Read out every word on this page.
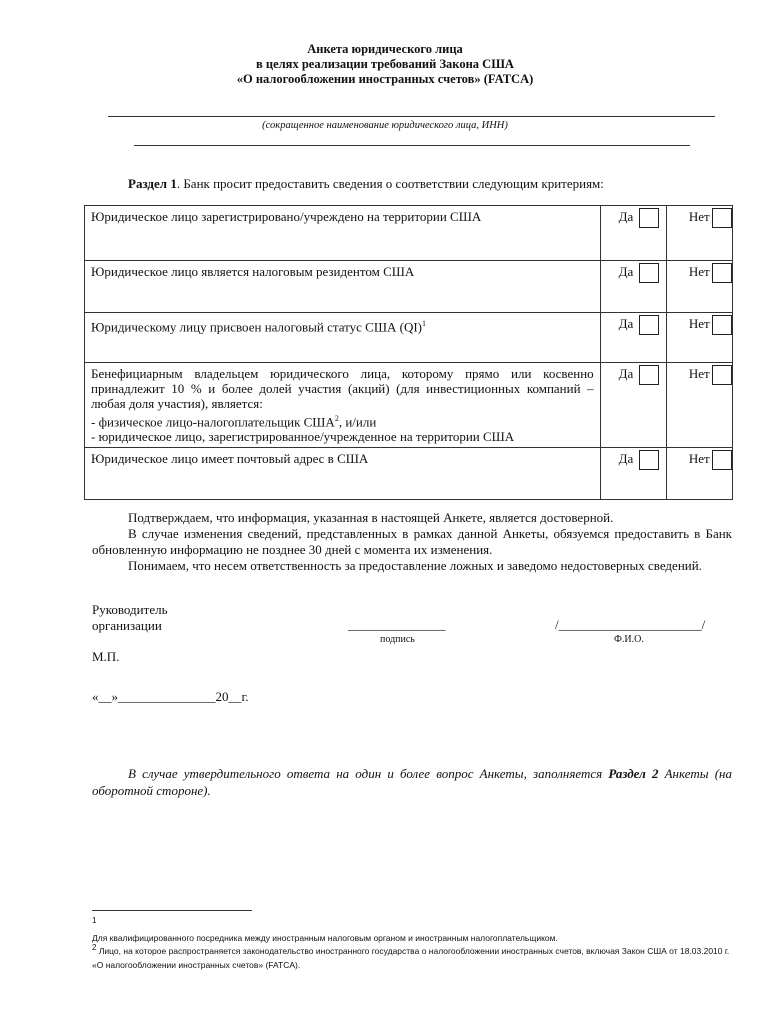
Анкета юридического лица
в целях реализации требований Закона США
«О налогообложении иностранных счетов» (FATCA)
(сокращенное наименование юридического лица, ИНН)
Раздел 1. Банк просит предоставить сведения о соответствии следующим критериям:
Юридическое лицо зарегистрировано/учреждено на территории США	Да	Нет

Юридическое лицо является налоговым резидентом США	Да	Нет

Юридическому лицу присвоен налоговый статус США (QI)$^1$	Да	Нет

Бенефициарным владельцем юридического лица, которому прямо или косвенно принадлежит 10 % и более долей участия (акций) (для инвестиционных компаний – любая доля участия), является:
- физическое лицо-налогоплательщик США$^2$, и/или
- юридическое лицо, зарегистрированное/учрежденное на территории США	Да	Нет

Юридическое лицо имеет почтовый адрес в США	Да	Нет

Подтверждаем, что информация, указанная в настоящей Анкете, является достоверной.

В случае изменения сведений, представленных в рамках данной Анкеты, обязуемся предоставить в Банк обновленную информацию не позднее 30 дней с момента их изменения.

Понимаем, что несем ответственность за предоставление ложных и заведомо недостоверных сведений.

Руководитель
организации	_______________
подпись
/______________________/
Ф.И.О.
М.П.
«__»_______________20__г.

В случае утвердительного ответа на один и более вопрос Анкеты, заполняется Раздел 2 Анкеты (на оборотной стороне).

$^1$
Для квалифицированного посредника между иностранным налоговым органом и иностранным налогоплательщиком.
$^2$ Лицо, на которое распространяется законодательство иностранного государства о налогообложении иностранных счетов, включая Закон США от 18.03.2010 г. «О налогообложении иностранных счетов» (FATCA).
